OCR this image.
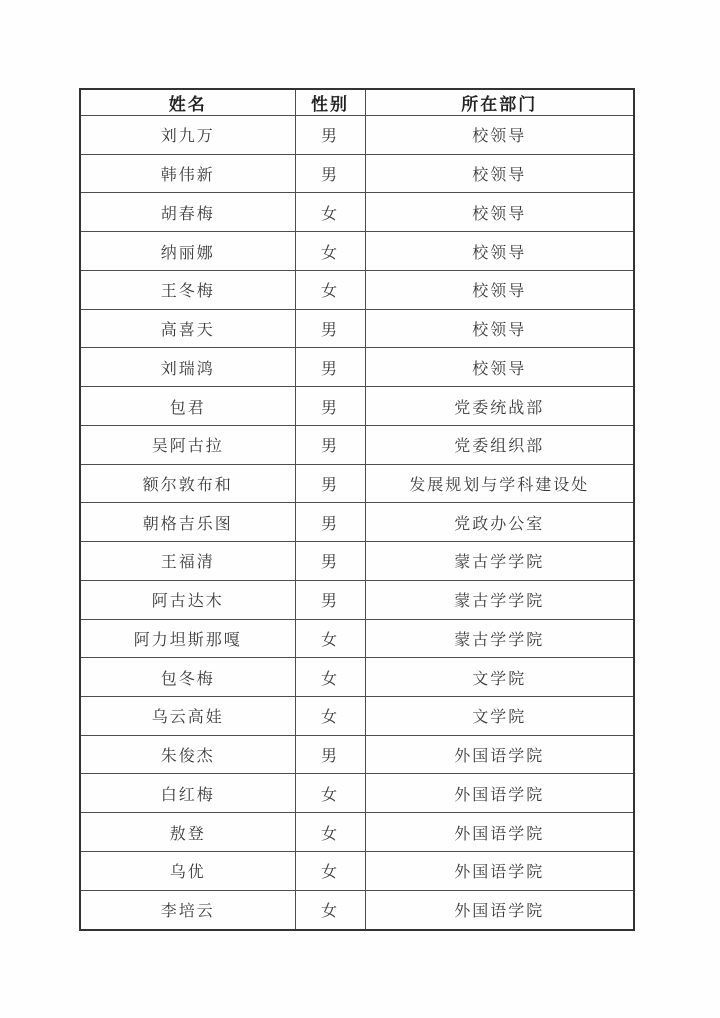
姓名	性别	所在部门
刘九万	男	校领导
韩伟新	男	校领导
胡春梅	女	校领导
纳丽娜	女	校领导
王冬梅	女	校领导
高喜天	男	校领导
刘瑞鸿	男	校领导
包君	男	党委统战部
吴阿古拉	男	党委组织部
额尔敦布和	男	发展规划与学科建设处
朝格吉乐图	男	党政办公室
王福清	男	蒙古学学院
阿古达木	男	蒙古学学院
阿力坦斯那嘎	女	蒙古学学院
包冬梅	女	文学院
乌云高娃	女	文学院
朱俊杰	男	外国语学院
白红梅	女	外国语学院
敖登	女	外国语学院
乌优	女	外国语学院
李培云	女	外国语学院
